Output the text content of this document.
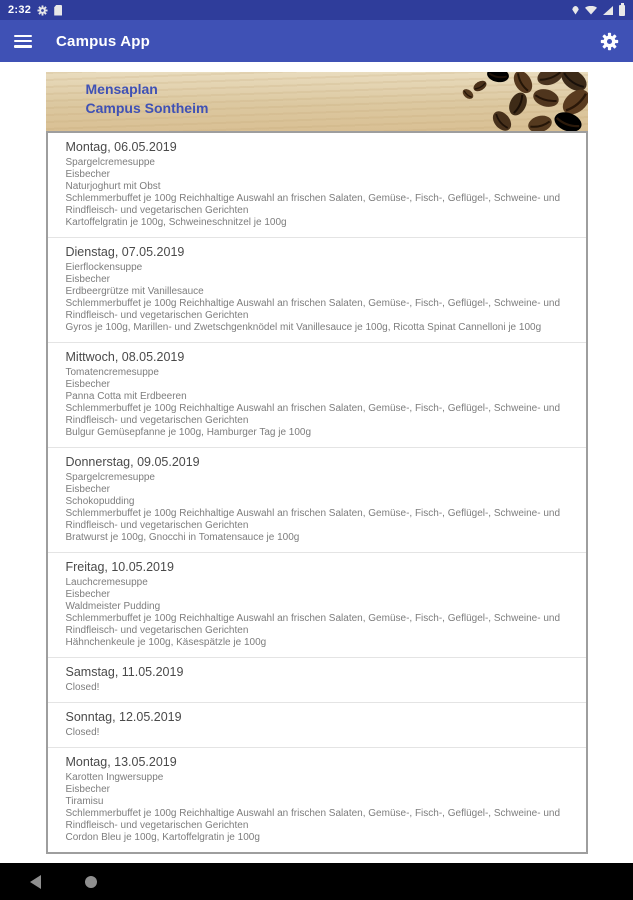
2:32
Campus App
Mensaplan
Campus Sontheim
Montag, 06.05.2019
Spargelcremesuppe
Eisbecher
Naturjoghurt mit Obst
Schlemmerbuffet je 100g Reichhaltige Auswahl an frischen Salaten, Gemüse-, Fisch-, Geflügel-, Schweine- und Rindfleisch- und vegetarischen Gerichten
Kartoffelgratin je 100g, Schweineschnitzel je 100g
Dienstag, 07.05.2019
Eierflockensuppe
Eisbecher
Erdbeergrütze mit Vanillesauce
Schlemmerbuffet je 100g Reichhaltige Auswahl an frischen Salaten, Gemüse-, Fisch-, Geflügel-, Schweine- und Rindfleisch- und vegetarischen Gerichten
Gyros je 100g, Marillen- und Zwetschgenknödel mit Vanillesauce je 100g, Ricotta Spinat Cannelloni je 100g
Mittwoch, 08.05.2019
Tomatencremesuppe
Eisbecher
Panna Cotta mit Erdbeeren
Schlemmerbuffet je 100g Reichhaltige Auswahl an frischen Salaten, Gemüse-, Fisch-, Geflügel-, Schweine- und Rindfleisch- und vegetarischen Gerichten
Bulgur Gemüsepfanne je 100g, Hamburger Tag je 100g
Donnerstag, 09.05.2019
Spargelcremesuppe
Eisbecher
Schokopudding
Schlemmerbuffet je 100g Reichhaltige Auswahl an frischen Salaten, Gemüse-, Fisch-, Geflügel-, Schweine- und Rindfleisch- und vegetarischen Gerichten
Bratwurst je 100g, Gnocchi in Tomatensauce je 100g
Freitag, 10.05.2019
Lauchcremesuppe
Eisbecher
Waldmeister Pudding
Schlemmerbuffet je 100g Reichhaltige Auswahl an frischen Salaten, Gemüse-, Fisch-, Geflügel-, Schweine- und Rindfleisch- und vegetarischen Gerichten
Hähnchenkeule je 100g, Käsespätzle je 100g
Samstag, 11.05.2019
Closed!
Sonntag, 12.05.2019
Closed!
Montag, 13.05.2019
Karotten Ingwersuppe
Eisbecher
Tiramisu
Schlemmerbuffet je 100g Reichhaltige Auswahl an frischen Salaten, Gemüse-, Fisch-, Geflügel-, Schweine- und Rindfleisch- und vegetarischen Gerichten
Cordon Bleu je 100g, Kartoffelgratin je 100g
